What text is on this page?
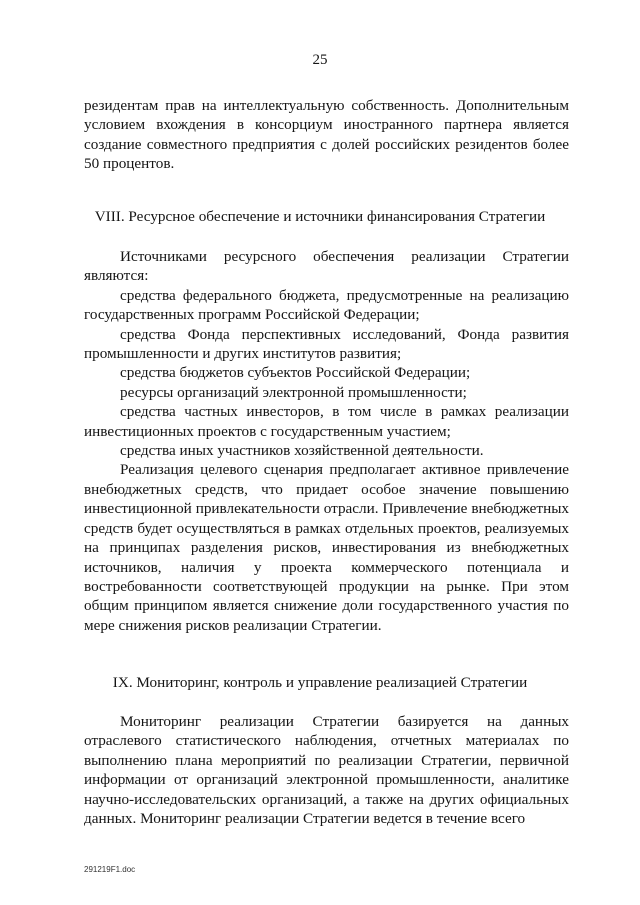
25

резидентам прав на интеллектуальную собственность. Дополнительным условием вхождения в консорциум иностранного партнера является создание совместного предприятия с долей российских резидентов более 50 процентов.

VIII. Ресурсное обеспечение и источники финансирования Стратегии

Источниками ресурсного обеспечения реализации Стратегии являются:

средства федерального бюджета, предусмотренные на реализацию государственных программ Российской Федерации;

средства Фонда перспективных исследований, Фонда развития промышленности и других институтов развития;

средства бюджетов субъектов Российской Федерации;

ресурсы организаций электронной промышленности;

средства частных инвесторов, в том числе в рамках реализации инвестиционных проектов с государственным участием;

средства иных участников хозяйственной деятельности.

Реализация целевого сценария предполагает активное привлечение внебюджетных средств, что придает особое значение повышению инвестиционной привлекательности отрасли. Привлечение внебюджетных средств будет осуществляться в рамках отдельных проектов, реализуемых на принципах разделения рисков, инвестирования из внебюджетных источников, наличия у проекта коммерческого потенциала и востребованности соответствующей продукции на рынке. При этом общим принципом является снижение доли государственного участия по мере снижения рисков реализации Стратегии.

IX. Мониторинг, контроль и управление реализацией Стратегии

Мониторинг реализации Стратегии базируется на данных отраслевого статистического наблюдения, отчетных материалах по выполнению плана мероприятий по реализации Стратегии, первичной информации от организаций электронной промышленности, аналитике научно-исследовательских организаций, а также на других официальных данных. Мониторинг реализации Стратегии ведется в течение всего

291219F1.doc
